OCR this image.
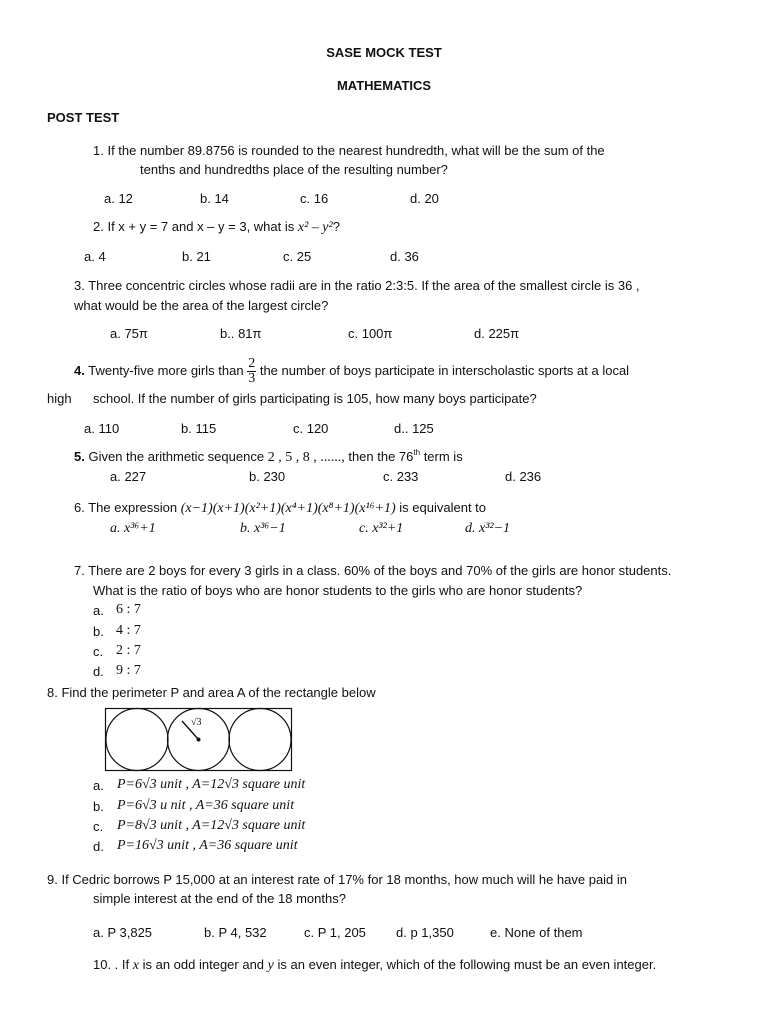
SASE MOCK TEST
MATHEMATICS
POST TEST
1. If the number 89.8756 is rounded to the nearest hundredth, what will be the sum of the
tenths and hundredths place of the resulting number?
a. 12	b. 14	c. 16	d. 20
2. If x + y = 7 and x – y = 3, what is x² – y²?
a. 4	b. 21	c. 25	d. 36
3. Three concentric circles whose radii are in the ratio 2:3:5. If the area of the smallest circle is 36 ,
what would be the area of the largest circle?
a. 75π	b.. 81π	c. 100π	d. 225π
4. Twenty-five more girls than $\frac{2}{3}$ the number of boys participate in interscholastic sports at a local
high school. If the number of girls participating is 105, how many boys participate?
a. 110	b. 115	c. 120	d.. 125
5. Given the arithmetic sequence 2 , 5 , 8 , ......, then the 76th term is
a. 227	b. 230	c. 233	d. 236
6. The expression (x−1)(x+1)(x²+1)(x⁴+1)(x⁸+1)(x¹⁶+1) is equivalent to
a. x³⁶+1	b. x³⁶−1	c. x³²+1	d. x³²−1
7. There are 2 boys for every 3 girls in a class. 60% of the boys and 70% of the girls are honor students.
What is the ratio of boys who are honor students to the girls who are honor students?
a. 6 : 7
b. 4 : 7
c. 2 : 7
d. 9 : 7
8. Find the perimeter P and area A of the rectangle below
√3
a. P=6√3 unit , A=12√3 square unit
b. P=6√3 u nit , A=36 square unit
c. P=8√3 unit , A=12√3 square unit
d. P=16√3 unit , A=36 square unit
9. If Cedric borrows P 15,000 at an interest rate of 17% for 18 months, how much will he have paid in
simple interest at the end of the 18 months?
a. P 3,825	b. P 4, 532	c. P 1, 205 d. p 1,350	e. None of them
10. . If x is an odd integer and y is an even integer, which of the following must be an even integer.
